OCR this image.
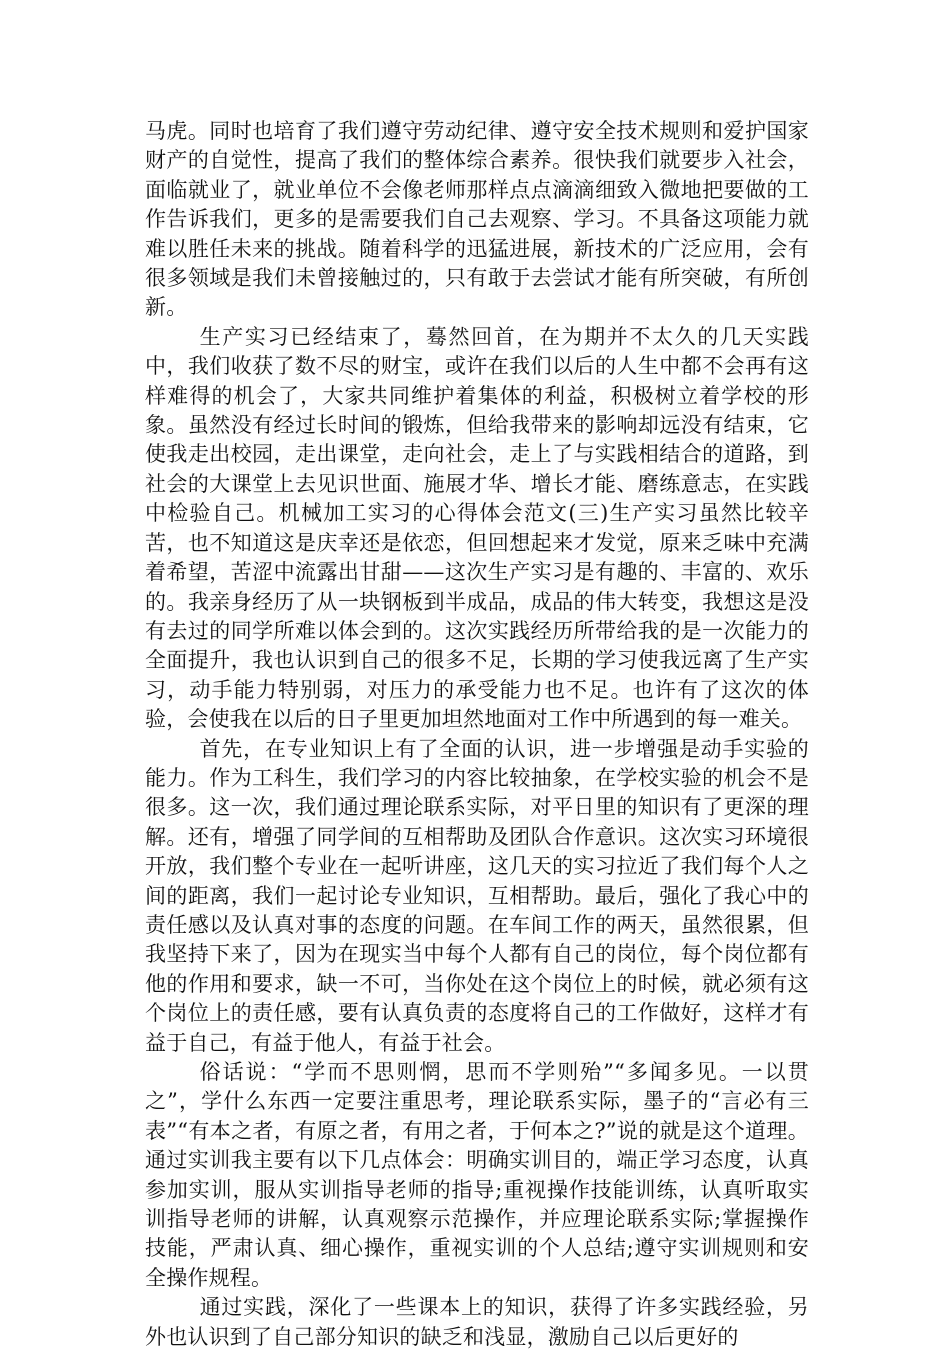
马虎。同时也培育了我们遵守劳动纪律、遵守安全技术规则和爱护国家财产的自觉性，提高了我们的整体综合素养。很快我们就要步入社会，面临就业了，就业单位不会像老师那样点点滴滴细致入微地把要做的工作告诉我们，更多的是需要我们自己去观察、学习。不具备这项能力就难以胜任未来的挑战。随着科学的迅猛进展，新技术的广泛应用，会有很多领域是我们未曾接触过的，只有敢于去尝试才能有所突破，有所创新。

生产实习已经结束了，蓦然回首，在为期并不太久的几天实践中，我们收获了数不尽的财宝，或许在我们以后的人生中都不会再有这样难得的机会了，大家共同维护着集体的利益，积极树立着学校的形象。虽然没有经过长时间的锻炼，但给我带来的影响却远没有结束，它使我走出校园，走出课堂，走向社会，走上了与实践相结合的道路，到社会的大课堂上去见识世面、施展才华、增长才能、磨练意志，在实践中检验自己。机械加工实习的心得体会范文(三)生产实习虽然比较辛苦，也不知道这是庆幸还是依恋，但回想起来才发觉，原来乏味中充满着希望，苦涩中流露出甘甜——这次生产实习是有趣的、丰富的、欢乐的。我亲身经历了从一块钢板到半成品，成品的伟大转变，我想这是没有去过的同学所难以体会到的。这次实践经历所带给我的是一次能力的全面提升，我也认识到自己的很多不足，长期的学习使我远离了生产实习，动手能力特别弱，对压力的承受能力也不足。也许有了这次的体验，会使我在以后的日子里更加坦然地面对工作中所遇到的每一难关。

首先，在专业知识上有了全面的认识，进一步增强是动手实验的能力。作为工科生，我们学习的内容比较抽象，在学校实验的机会不是很多。这一次，我们通过理论联系实际，对平日里的知识有了更深的理解。还有，增强了同学间的互相帮助及团队合作意识。这次实习环境很开放，我们整个专业在一起听讲座，这几天的实习拉近了我们每个人之间的距离，我们一起讨论专业知识，互相帮助。最后，强化了我心中的责任感以及认真对事的态度的问题。在车间工作的两天，虽然很累，但我坚持下来了，因为在现实当中每个人都有自己的岗位，每个岗位都有他的作用和要求，缺一不可，当你处在这个岗位上的时候，就必须有这个岗位上的责任感，要有认真负责的态度将自己的工作做好，这样才有益于自己，有益于他人，有益于社会。

俗话说：“学而不思则惘，思而不学则殆”“多闻多见。一以贯之”，学什么东西一定要注重思考，理论联系实际，墨子的“言必有三表”“有本之者，有原之者，有用之者，于何本之?”说的就是这个道理。通过实训我主要有以下几点体会：明确实训目的，端正学习态度，认真参加实训，服从实训指导老师的指导;重视操作技能训练，认真听取实训指导老师的讲解，认真观察示范操作，并应理论联系实际;掌握操作技能，严肃认真、细心操作，重视实训的个人总结;遵守实训规则和安全操作规程。

通过实践，深化了一些课本上的知识，获得了许多实践经验，另外也认识到了自己部分知识的缺乏和浅显，激励自己以后更好的
